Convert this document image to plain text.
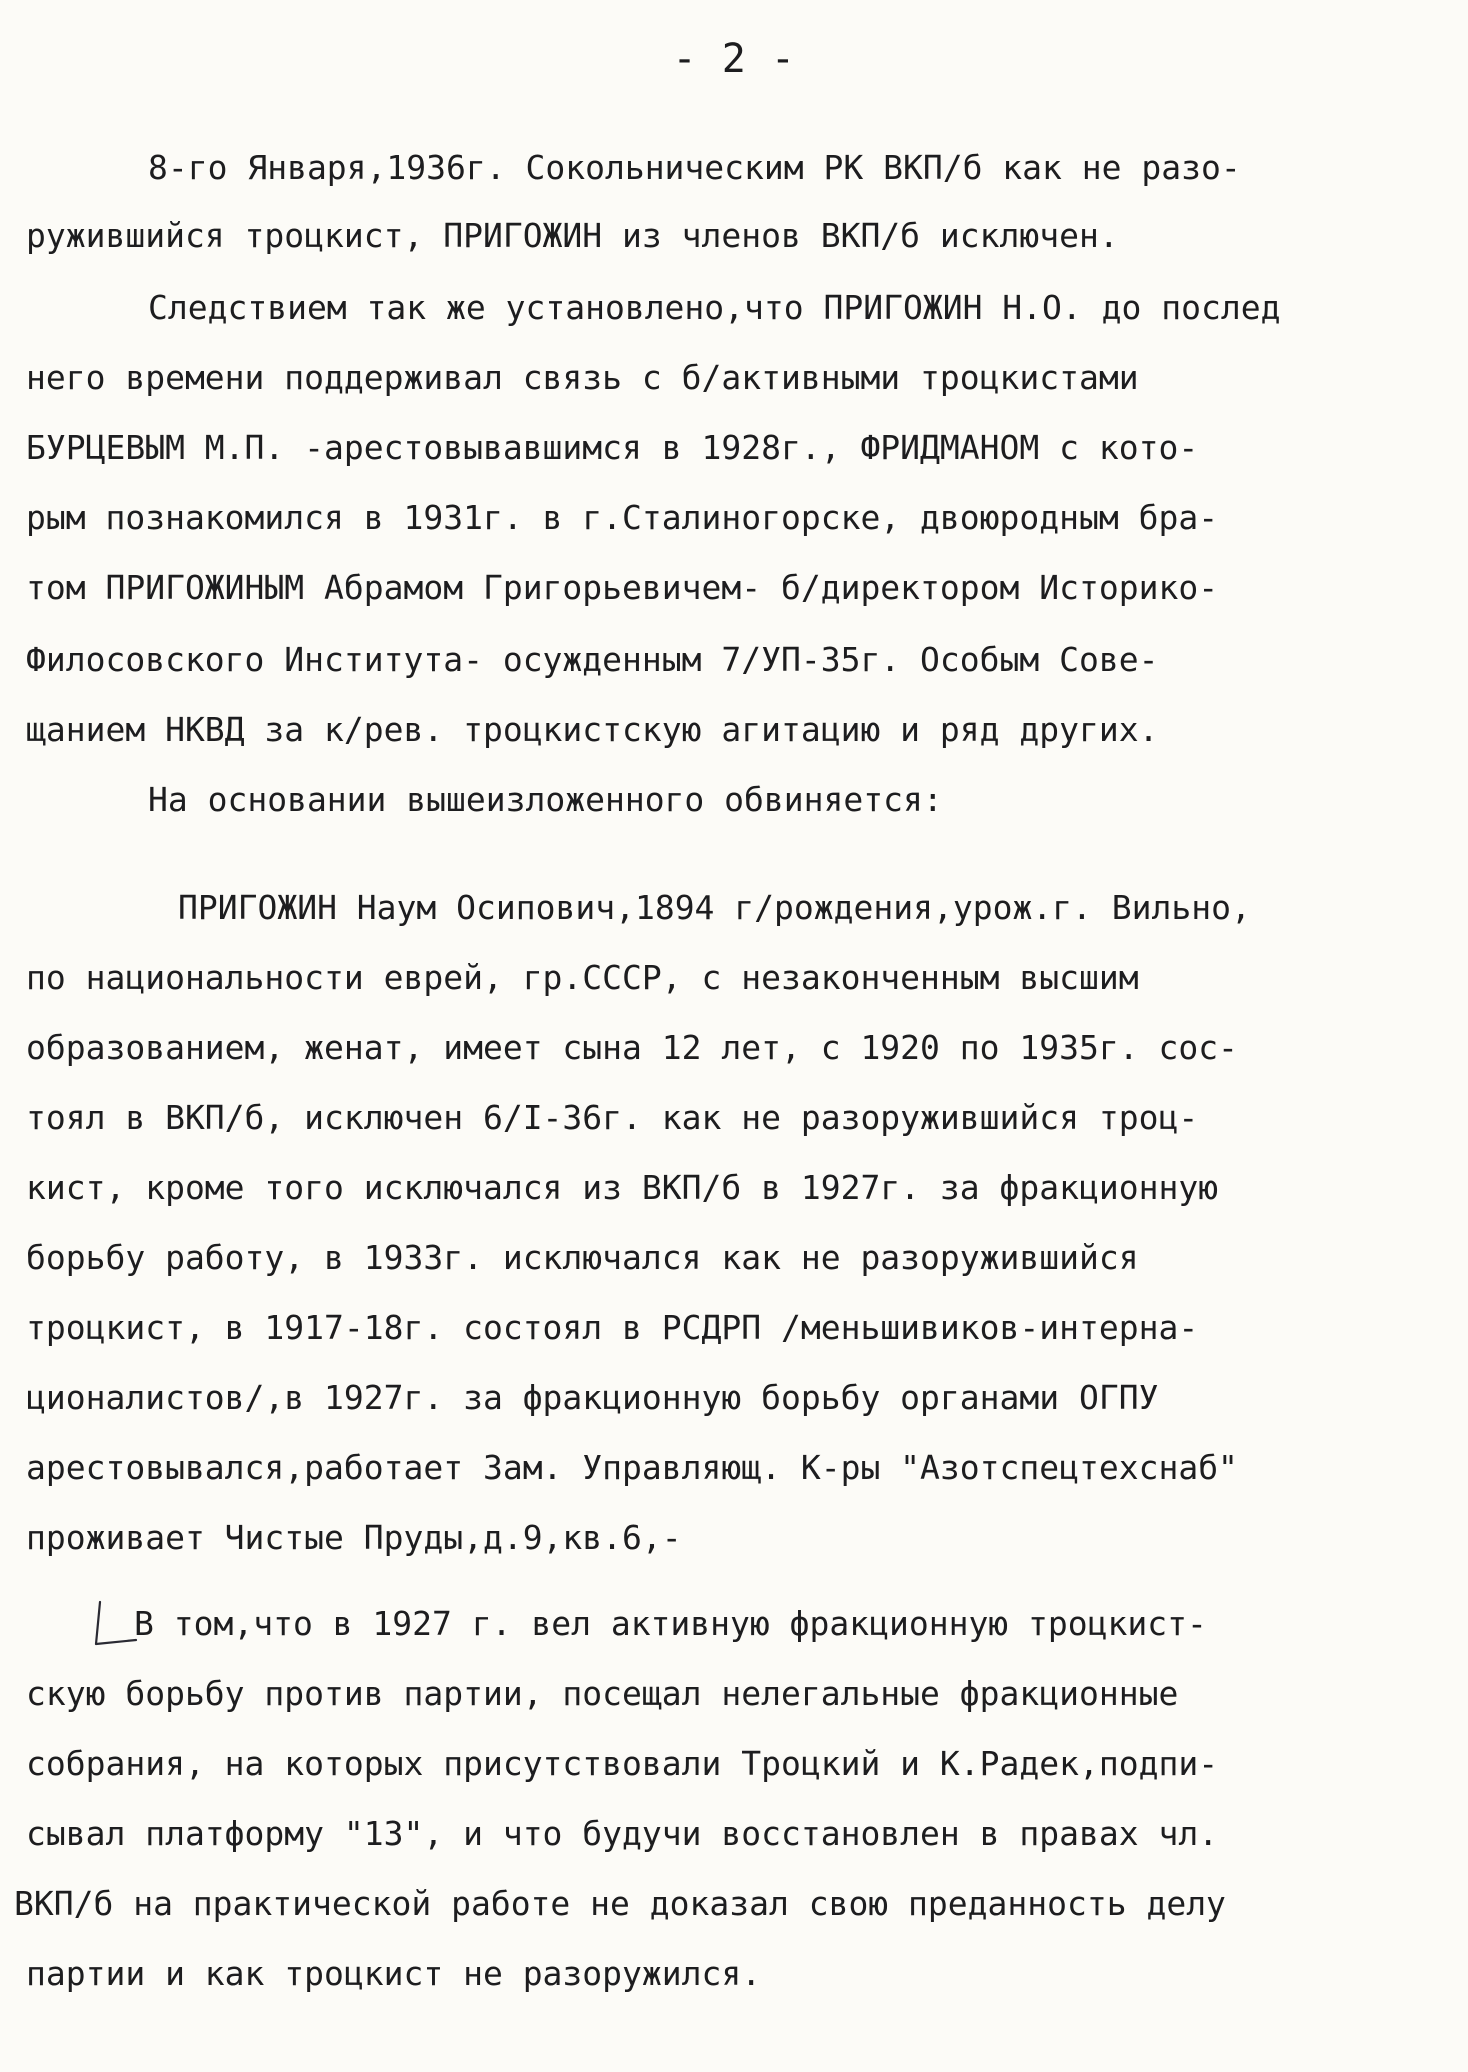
- 2 -
8-го Января,1936г. Сокольническим РК ВКП/б как не разо-
ружившийся троцкист, ПРИГОЖИН из членов ВКП/б исключен.
Следствием так же установлено,что ПРИГОЖИН Н.О. до послед
него времени поддерживал связь с б/активными троцкистами
БУРЦЕВЫМ М.П. -арестовывавшимся в 1928г., ФРИДМАНОМ с кото-
рым познакомился в 1931г. в г.Сталиногорске, двоюродным бра-
том ПРИГОЖИНЫМ Абрамом Григорьевичем- б/директором Историко-
Филосовского Института- осужденным 7/УП-35г. Особым Сове-
щанием НКВД за к/рев. троцкистскую агитацию и ряд других.
На основании вышеизложенного обвиняется:
ПРИГОЖИН Наум Осипович,1894 г/рождения,урож.г. Вильно,
по национальности еврей, гр.СССР, с незаконченным высшим
образованием, женат, имеет сына 12 лет, с 1920 по 1935г. сос-
тоял в ВКП/б, исключен 6/I-36г. как не разоружившийся троц-
кист, кроме того исключался из ВКП/б в 1927г. за фракционную
борьбу работу, в 1933г. исключался как не разоружившийся
троцкист, в 1917-18г. состоял в РСДРП /меньшивиков-интерна-
ционалистов/,в 1927г. за фракционную борьбу органами ОГПУ
арестовывался,работает Зам. Управляющ. К-ры "Азотспецтехснаб"
проживает Чистые Пруды,д.9,кв.6,-
В том,что в 1927 г. вел активную фракционную троцкист-
скую борьбу против партии, посещал нелегальные фракционные
собрания, на которых присутствовали Троцкий и К.Радек,подпи-
сывал платформу "13", и что будучи восстановлен в правах чл.
ВКП/б на практической работе не доказал свою преданность делу
партии и как троцкист не разоружился.
